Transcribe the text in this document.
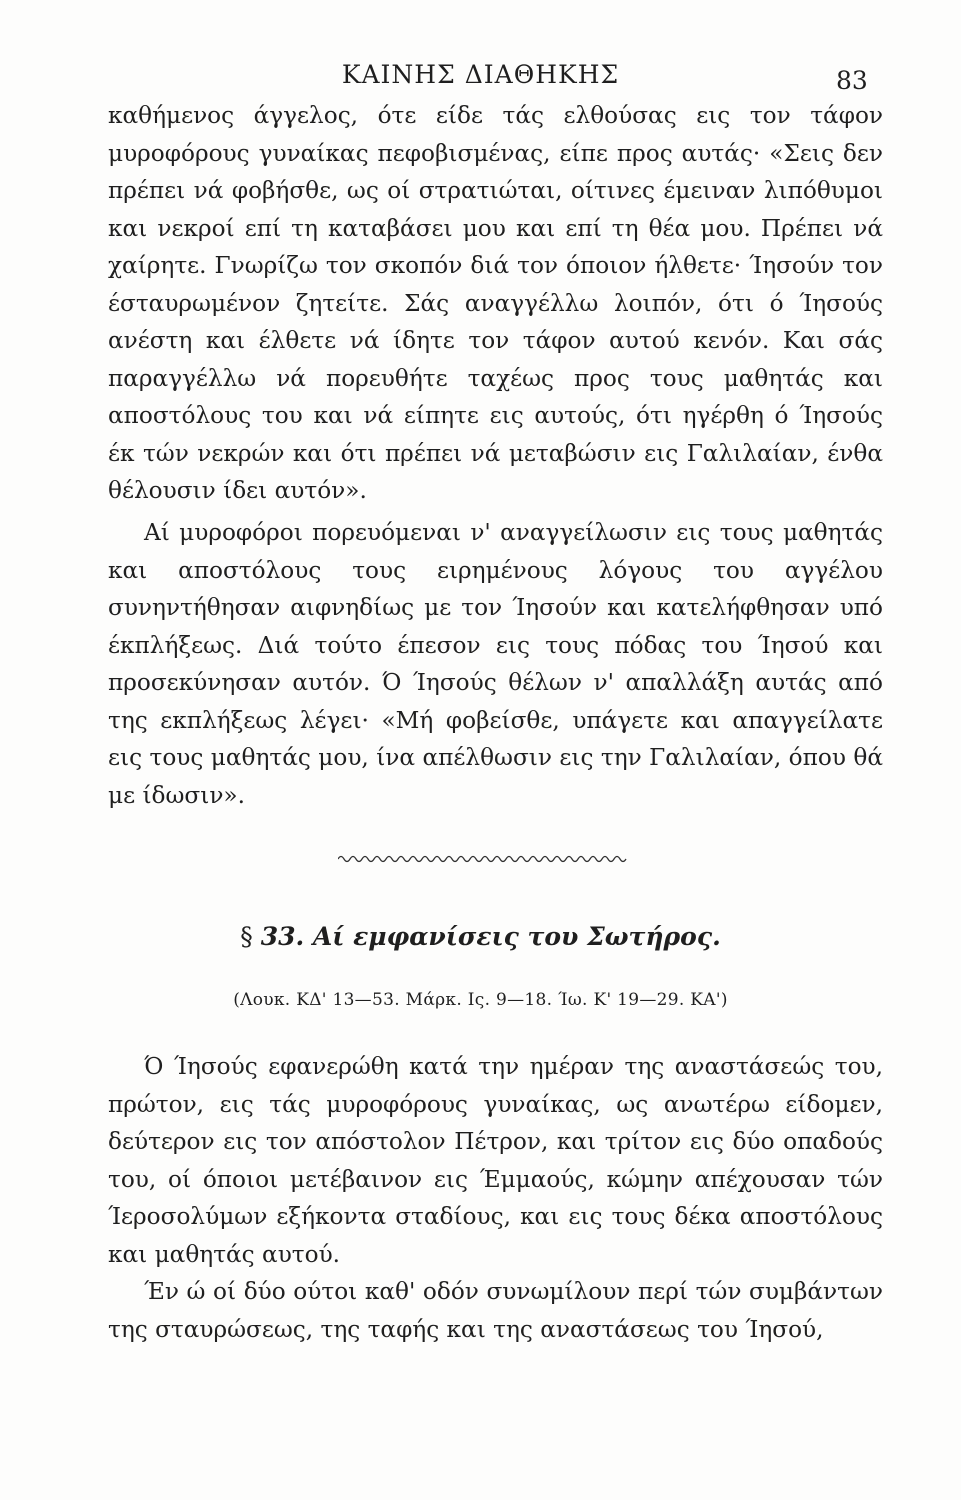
ΚΑΙΝΗΣ ΔΙΑΘΗΚΗΣ	83

καθήμενος άγγελος, ότε είδε τάς ελθούσας εις τον τάφον μυροφόρους γυναίκας πεφοβισμένας, είπε προς αυτάς· «Σεις δεν πρέπει νά φοβήσθε, ως οί στρατιώται, οίτινες έμειναν λιπόθυμοι και νεκροί επί τη καταβάσει μου και επί τη θέα μου. Πρέπει νά χαίρητε. Γνωρίζω τον σκοπόν διά τον όποιον ήλθετε· Ίησούν τον έσταυρωμένον ζητείτε. Σάς αναγγέλλω λοιπόν, ότι ό Ίησούς ανέστη και έλθετε νά ίδητε τον τάφον αυτού κενόν. Και σάς παραγγέλλω νά πορευθήτε ταχέως προς τους μαθητάς και αποστόλους του και νά είπητε εις αυτούς, ότι ηγέρθη ό Ίησούς έκ τών νεκρών και ότι πρέπει νά μεταβώσιν εις Γαλιλαίαν, ένθα θέλουσιν ίδει αυτόν».

Αί μυροφόροι πορευόμεναι ν' αναγγείλωσιν εις τους μαθητάς και αποστόλους τους ειρημένους λόγους του αγγέλου συνηντήθησαν αιφνηδίως με τον Ίησούν και κατελήφθησαν υπό έκπλήξεως. Διά τούτο έπεσον εις τους πόδας του Ίησού και προσεκύνησαν αυτόν. Ό Ίησούς θέλων ν' απαλλάξη αυτάς από της εκπλήξεως λέγει· «Μή φοβείσθε, υπάγετε και απαγγείλατε εις τους μαθητάς μου, ίνα απέλθωσιν εις την Γαλιλαίαν, όπου θά με ίδωσιν».

§ 33. Αί εμφανίσεις του Σωτήρος.
(Λουκ. ΚΔ' 13—53. Μάρκ. Ις. 9—18. Ίω. Κ' 19—29. ΚΑ')

Ό Ίησούς εφανερώθη κατά την ημέραν της αναστάσεώς του, πρώτον, εις τάς μυροφόρους γυναίκας, ως ανωτέρω είδομεν, δεύτερον εις τον απόστολον Πέτρον, και τρίτον εις δύο οπαδούς του, οί όποιοι μετέβαινον εις Έμμαούς, κώμην απέχουσαν τών Ίεροσολύμων εξήκοντα σταδίους, και εις τους δέκα αποστόλους και μαθητάς αυτού.

Έν ώ οί δύο ούτοι καθ' οδόν συνωμίλουν περί τών συμβάντων της σταυρώσεως, της ταφής και της αναστάσεως του Ίησού,
